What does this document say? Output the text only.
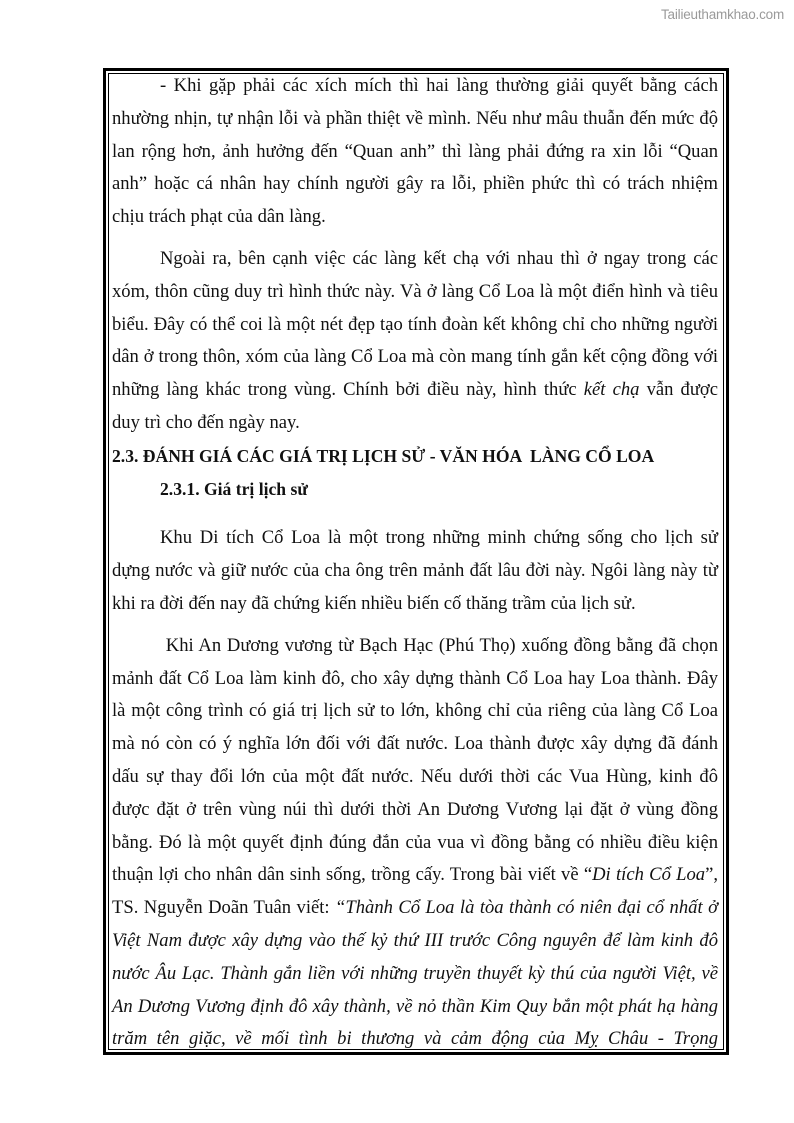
Tailieuthamkhao.com
- Khi gặp phải các xích mích thì hai làng thường giải quyết bằng cách
nhường nhịn, tự nhận lỗi và phần thiệt về mình. Nếu như mâu thuẫn đến mức độ
lan rộng hơn, ảnh hưởng đến “Quan anh” thì làng phải đứng ra xin lỗi “Quan
anh” hoặc cá nhân hay chính người gây ra lỗi, phiền phức thì có trách nhiệm
chịu trách phạt của dân làng.
Ngoài ra, bên cạnh việc các làng kết chạ với nhau thì ở ngay trong các
xóm, thôn cũng duy trì hình thức này. Và ở làng Cổ Loa là một điển hình và tiêu
biểu. Đây có thể coi là một nét đẹp tạo tính đoàn kết không chỉ cho những người
dân ở trong thôn, xóm của làng Cổ Loa mà còn mang tính gắn kết cộng đồng với
những làng khác trong vùng. Chính bởi điều này, hình thức kết chạ vẫn được
duy trì cho đến ngày nay.
2.3. ĐÁNH GIÁ CÁC GIÁ TRỊ LỊCH SỬ - VĂN HÓA  LÀNG CỔ LOA
2.3.1. Giá trị lịch sử
Khu Di tích Cổ Loa là một trong những minh chứng sống cho lịch sử
dựng nước và giữ nước của cha ông trên mảnh đất lâu đời này. Ngôi làng này từ
khi ra đời đến nay đã chứng kiến nhiều biến cố thăng trầm của lịch sử.
Khi An Dương vương từ Bạch Hạc (Phú Thọ) xuống đồng bằng đã chọn
mảnh đất Cổ Loa làm kinh đô, cho xây dựng thành Cổ Loa hay Loa thành. Đây
là một công trình có giá trị lịch sử to lớn, không chỉ của riêng của làng Cổ Loa
mà nó còn có ý nghĩa lớn đối với đất nước. Loa thành được xây dựng đã đánh
dấu sự thay đổi lớn của một đất nước. Nếu dưới thời các Vua Hùng, kinh đô
được đặt ở trên vùng núi thì dưới thời An Dương Vương lại đặt ở vùng đồng
bằng. Đó là một quyết định đúng đắn của vua vì đồng bằng có nhiều điều kiện
thuận lợi cho nhân dân sinh sống, trồng cấy. Trong bài viết về “Di tích Cổ Loa”,
TS. Nguyễn Doãn Tuân viết: “Thành Cổ Loa là tòa thành có niên đại cổ nhất ở
Việt Nam được xây dựng vào thế kỷ thứ III trước Công nguyên để làm kinh đô
nước Âu Lạc. Thành gắn liền với những truyền thuyết kỳ thú của người Việt, về
An Dương Vương định đô xây thành, về nỏ thần Kim Quy bắn một phát hạ hàng
trăm tên giặc, về mối tình bi thương và cảm động của Mỵ Châu - Trọng
